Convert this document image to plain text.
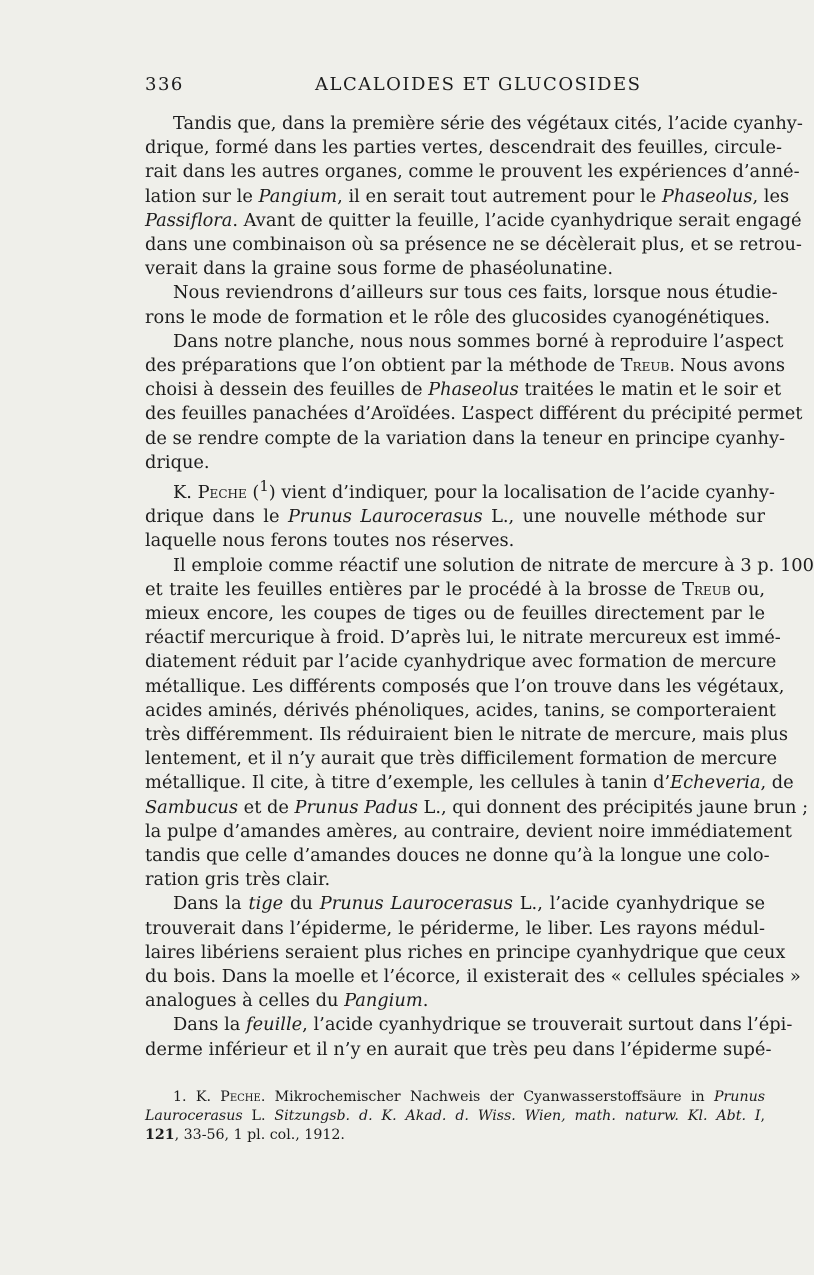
336	ALCALOIDES ET GLUCOSIDES

Tandis que, dans la première série des végétaux cités, l’acide cyanhy-
drique, formé dans les parties vertes, descendrait des feuilles, circule-
rait dans les autres organes, comme le prouvent les expériences d’anné-
lation sur le Pangium, il en serait tout autrement pour le Phaseolus, les
Passiflora. Avant de quitter la feuille, l’acide cyanhydrique serait engagé
dans une combinaison où sa présence ne se décèlerait plus, et se retrou-
verait dans la graine sous forme de phaséolunatine.

Nous reviendrons d’ailleurs sur tous ces faits, lorsque nous étudie-
rons le mode de formation et le rôle des glucosides cyanogénétiques.

Dans notre planche, nous nous sommes borné à reproduire l’aspect
des préparations que l’on obtient par la méthode de Treub. Nous avons
choisi à dessein des feuilles de Phaseolus traitées le matin et le soir et
des feuilles panachées d’Aroïdées. L’aspect différent du précipité permet
de se rendre compte de la variation dans la teneur en principe cyanhy-
drique.

K. Peche ($^1$) vient d’indiquer, pour la localisation de l’acide cyanhy-
drique dans le Prunus Laurocerasus L., une nouvelle méthode sur
laquelle nous ferons toutes nos réserves.

Il emploie comme réactif une solution de nitrate de mercure à 3 p. 100
et traite les feuilles entières par le procédé à la brosse de Treub ou,
mieux encore, les coupes de tiges ou de feuilles directement par le
réactif mercurique à froid. D’après lui, le nitrate mercureux est immé-
diatement réduit par l’acide cyanhydrique avec formation de mercure
métallique. Les différents composés que l’on trouve dans les végétaux,
acides aminés, dérivés phénoliques, acides, tanins, se comporteraient
très différemment. Ils réduiraient bien le nitrate de mercure, mais plus
lentement, et il n’y aurait que très difficilement formation de mercure
métallique. Il cite, à titre d’exemple, les cellules à tanin d’Echeveria, de
Sambucus et de Prunus Padus L., qui donnent des précipités jaune brun ;
la pulpe d’amandes amères, au contraire, devient noire immédiatement
tandis que celle d’amandes douces ne donne qu’à la longue une colo-
ration gris très clair.

Dans la tige du Prunus Laurocerasus L., l’acide cyanhydrique se
trouverait dans l’épiderme, le périderme, le liber. Les rayons médul-
laires libériens seraient plus riches en principe cyanhydrique que ceux
du bois. Dans la moelle et l’écorce, il existerait des « cellules spéciales »
analogues à celles du Pangium.

Dans la feuille, l’acide cyanhydrique se trouverait surtout dans l’épi-
derme inférieur et il n’y en aurait que très peu dans l’épiderme supé-

1. K. Peche. Mikrochemischer Nachweis der Cyanwasserstoffsäure in Prunus
Laurocerasus L. Sitzungsb. d. K. Akad. d. Wiss. Wien, math. naturw. Kl. Abt. I,
121, 33-56, 1 pl. col., 1912.
